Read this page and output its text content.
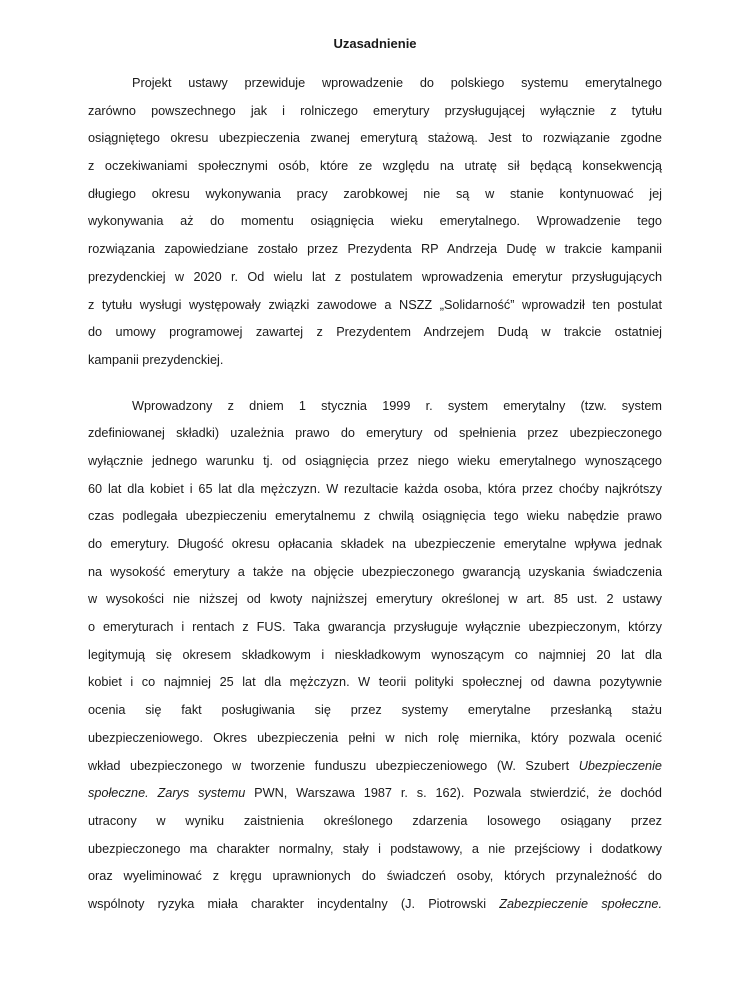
Uzasadnienie
Projekt ustawy przewiduje wprowadzenie do polskiego systemu emerytalnego
zarówno powszechnego jak i rolniczego emerytury przysługującej wyłącznie z tytułu
osiągniętego okresu ubezpieczenia zwanej emeryturą stażową. Jest to rozwiązanie zgodne
z oczekiwaniami społecznymi osób, które ze względu na utratę sił będącą konsekwencją
długiego okresu wykonywania pracy zarobkowej nie są w stanie kontynuować jej
wykonywania aż do momentu osiągnięcia wieku emerytalnego. Wprowadzenie tego
rozwiązania zapowiedziane zostało przez Prezydenta RP Andrzeja Dudę w trakcie kampanii
prezydenckiej w 2020 r. Od wielu lat z postulatem wprowadzenia emerytur przysługujących
z tytułu wysługi występowały związki zawodowe a NSZZ „Solidarność” wprowadził ten postulat
do umowy programowej zawartej z Prezydentem Andrzejem Dudą w trakcie ostatniej
kampanii prezydenckiej.
Wprowadzony z dniem 1 stycznia 1999 r. system emerytalny (tzw. system
zdefiniowanej składki) uzależnia prawo do emerytury od spełnienia przez ubezpieczonego
wyłącznie jednego warunku tj. od osiągnięcia przez niego wieku emerytalnego wynoszącego
60 lat dla kobiet i 65 lat dla mężczyzn. W rezultacie każda osoba, która przez choćby najkrótszy
czas podlegała ubezpieczeniu emerytalnemu z chwilą osiągnięcia tego wieku nabędzie prawo
do emerytury. Długość okresu opłacania składek na ubezpieczenie emerytalne wpływa jednak
na wysokość emerytury a także na objęcie ubezpieczonego gwarancją uzyskania świadczenia
w wysokości nie niższej od kwoty najniższej emerytury określonej w art. 85 ust. 2 ustawy
o emeryturach i rentach z FUS. Taka gwarancja przysługuje wyłącznie ubezpieczonym, którzy
legitymują się okresem składkowym i nieskładkowym wynoszącym co najmniej 20 lat dla
kobiet i co najmniej 25 lat dla mężczyzn. W teorii polityki społecznej od dawna pozytywnie
ocenia się fakt posługiwania się przez systemy emerytalne przesłanką stażu
ubezpieczeniowego. Okres ubezpieczenia pełni w nich rolę miernika, który pozwala ocenić
wkład ubezpieczonego w tworzenie funduszu ubezpieczeniowego (W. Szubert Ubezpieczenie
społeczne. Zarys systemu PWN, Warszawa 1987 r. s. 162). Pozwala stwierdzić, że dochód
utracony w wyniku zaistnienia określonego zdarzenia losowego osiągany przez
ubezpieczonego ma charakter normalny, stały i podstawowy, a nie przejściowy i dodatkowy
oraz wyeliminować z kręgu uprawnionych do świadczeń osoby, których przynależność do
wspólnoty ryzyka miała charakter incydentalny (J. Piotrowski Zabezpieczenie społeczne.
